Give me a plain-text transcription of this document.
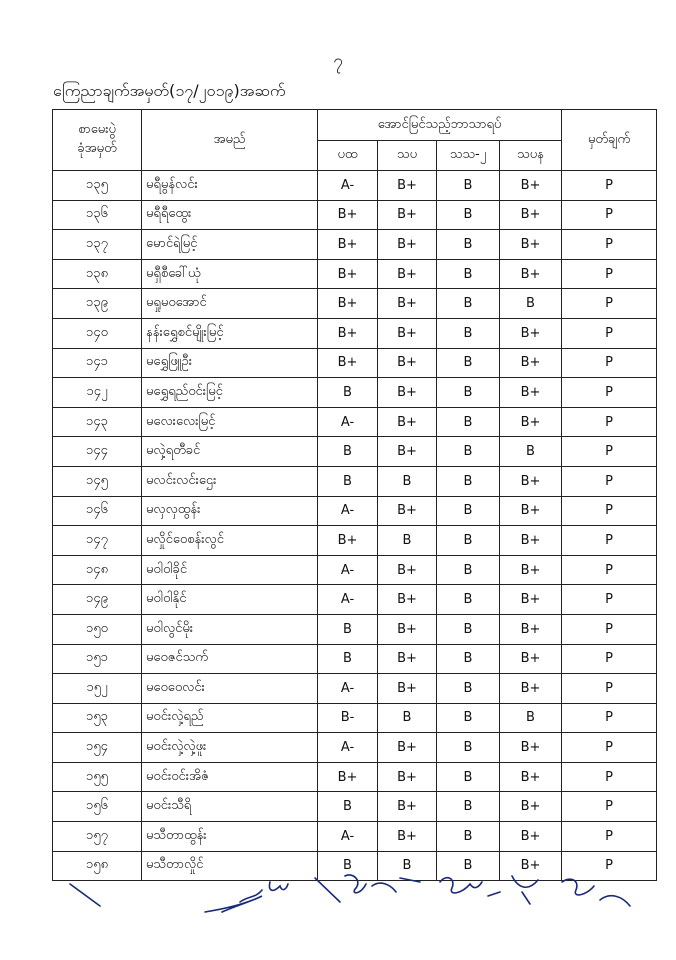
၇
ကြေညာချက်အမှတ်(၁၇/၂၀၁၉)အဆက်
စာမေးပွဲ
ခုံအမှတ်	အမည်	အောင်မြင်သည့်ဘာသာရပ်				မှတ်ချက်
		ပထ	သပ	သသ-၂	သပန	
၁၃၅	မရီမွန်လင်း	A-	B+	B	B+	P
၁၃၆	မရီရီထွေး	B+	B+	B	B+	P
၁၃၇	မောင်ရဲမြင့်	B+	B+	B	B+	P
၁၃၈	မရှီစီခေါ်ယုံ	B+	B+	B	B+	P
၁၃၉	မရှုမဝအောင်	B+	B+	B	B	P
၁၄၀	နန်းရွှေစင်မျိုးမြင့်	B+	B+	B	B+	P
၁၄၁	မရွှေဖြူဦး	B+	B+	B	B+	P
၁၄၂	မရွှေရည်ဝင်းမြင့်	B	B+	B	B+	P
၁၄၃	မလေးလေးမြင့်	A-	B+	B	B+	P
၁၄၄	မလှဲ့ရတီခင်	B	B+	B	B	P
၁၄၅	မလင်းလင်းဌေး	B	B	B	B+	P
၁၄၆	မလှလှထွန်း	A-	B+	B	B+	P
၁၄၇	မလှိုင်ဝေစန်းလွင်	B+	B	B	B+	P
၁၄၈	မဝါဝါခိုင်	A-	B+	B	B+	P
၁၄၉	မဝါဝါနိုင်	A-	B+	B	B+	P
၁၅၀	မဝါလွင်မိုး	B	B+	B	B+	P
၁၅၁	မဝေဇင်သက်	B	B+	B	B+	P
၁၅၂	မဝေဝေလင်း	A-	B+	B	B+	P
၁၅၃	မဝင်းလှဲ့ရည်	B-	B	B	B	P
၁၅၄	မဝင်းလှဲ့လှဲ့ဖူး	A-	B+	B	B+	P
၁၅၅	မဝင်းဝင်းအိဇံ	B+	B+	B	B+	P
၁၅၆	မဝင်းသီရိ	B	B+	B	B+	P
၁၅၇	မသီတာထွန်း	A-	B+	B	B+	P
၁၅၈	မသီတာလှိုင်	B	B	B	B+	P
